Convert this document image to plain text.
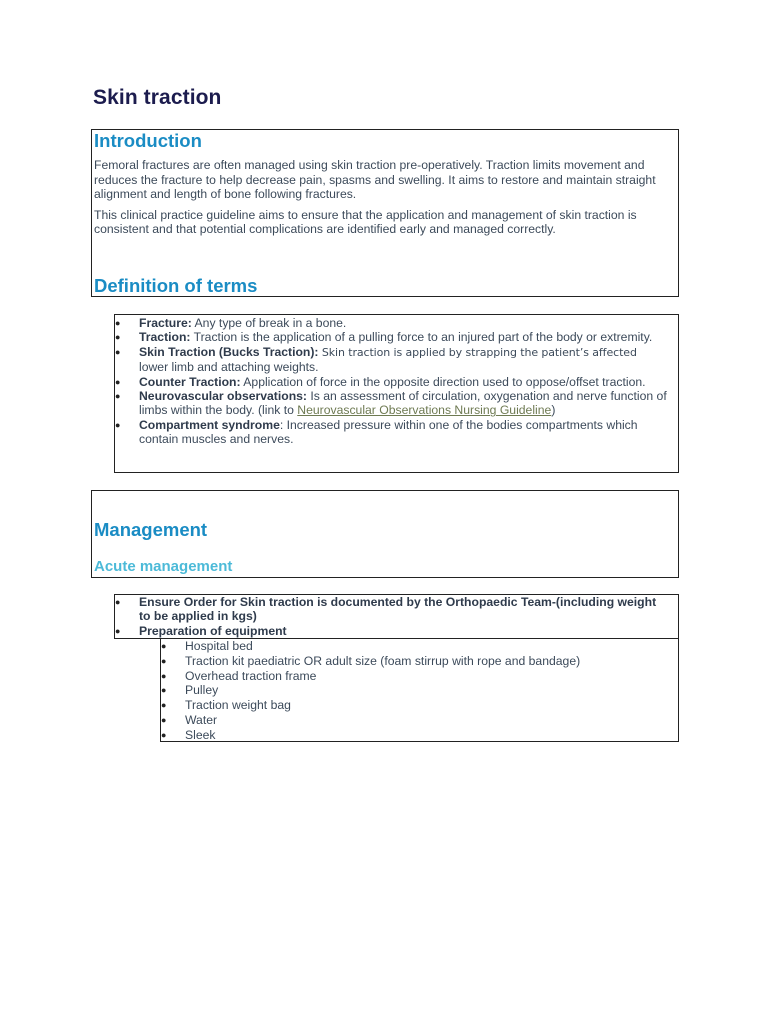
Skin traction
Introduction

Femoral fractures are often managed using skin traction pre-operatively. Traction limits movement and reduces the fracture to help decrease pain, spasms and swelling. It aims to restore and maintain straight alignment and length of bone following fractures.

This clinical practice guideline aims to ensure that the application and management of skin traction is consistent and that potential complications are identified early and managed correctly.

Definition of terms
● Fracture: Any type of break in a bone.
● Traction: Traction is the application of a pulling force to an injured part of the body or extremity.
● Skin Traction (Bucks Traction): Skin traction is applied by strapping the patient’s affected
lower limb and attaching weights.
● Counter Traction: Application of force in the opposite direction used to oppose/offset traction.
● Neurovascular observations: Is an assessment of circulation, oxygenation and nerve function of limbs within the body. (link to Neurovascular Observations Nursing Guideline)
● Compartment syndrome: Increased pressure within one of the bodies compartments which contain muscles and nerves.
Management
Acute management
● Ensure Order for Skin traction is documented by the Orthopaedic Team-(including weight to be applied in kgs)
● Preparation of equipment
● Hospital bed
● Traction kit paediatric OR adult size (foam stirrup with rope and bandage)
● Overhead traction frame
● Pulley
● Traction weight bag
● Water
● Sleek
